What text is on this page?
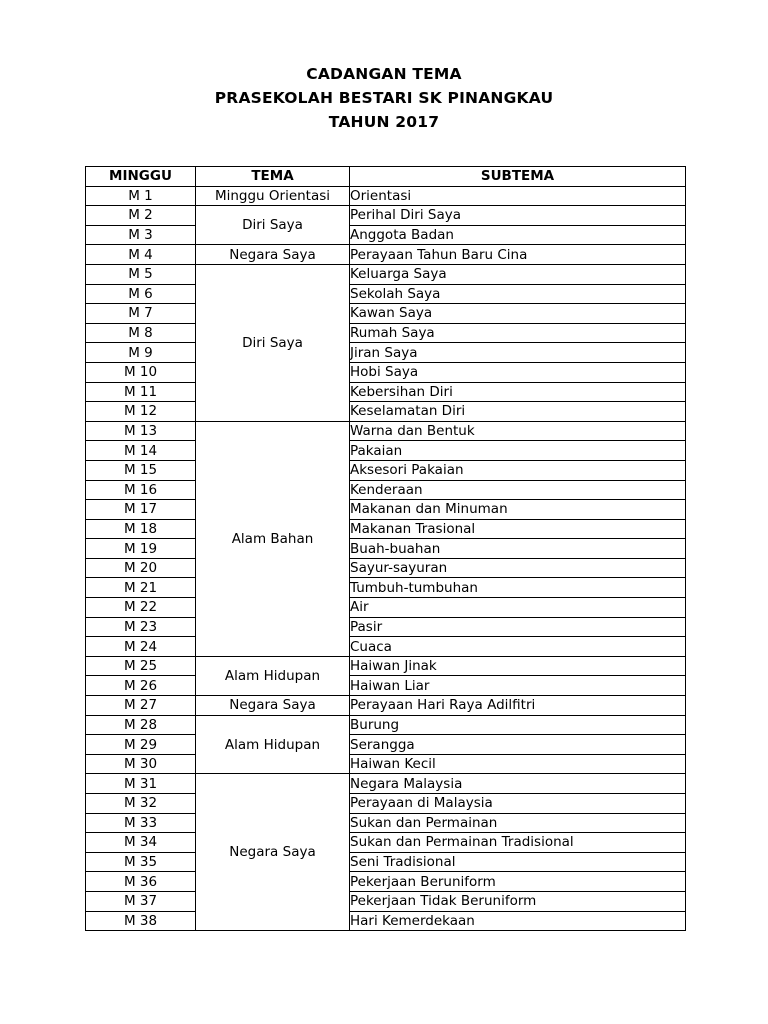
CADANGAN TEMA
PRASEKOLAH BESTARI SK PINANGKAU
TAHUN 2017
MINGGU	TEMA	SUBTEMA
M 1	Minggu Orientasi	Orientasi
M 2	Diri Saya	Perihal Diri Saya
M 3		Anggota Badan
M 4	Negara Saya	Perayaan Tahun Baru Cina
M 5	Diri Saya	Keluarga Saya
M 6		Sekolah Saya
M 7		Kawan Saya
M 8		Rumah Saya
M 9		Jiran Saya
M 10		Hobi Saya
M 11		Kebersihan Diri
M 12		Keselamatan Diri
M 13	Alam Bahan	Warna dan Bentuk
M 14		Pakaian
M 15		Aksesori Pakaian
M 16		Kenderaan
M 17		Makanan dan Minuman
M 18		Makanan Trasional
M 19		Buah-buahan
M 20		Sayur-sayuran
M 21		Tumbuh-tumbuhan
M 22		Air
M 23		Pasir
M 24		Cuaca
M 25	Alam Hidupan	Haiwan Jinak
M 26		Haiwan Liar
M 27	Negara Saya	Perayaan Hari Raya Adilfitri
M 28	Alam Hidupan	Burung
M 29		Serangga
M 30		Haiwan Kecil
M 31	Negara Saya	Negara Malaysia
M 32		Perayaan di Malaysia
M 33		Sukan dan Permainan
M 34		Sukan dan Permainan Tradisional
M 35		Seni Tradisional
M 36		Pekerjaan Beruniform
M 37		Pekerjaan Tidak Beruniform
M 38		Hari Kemerdekaan
